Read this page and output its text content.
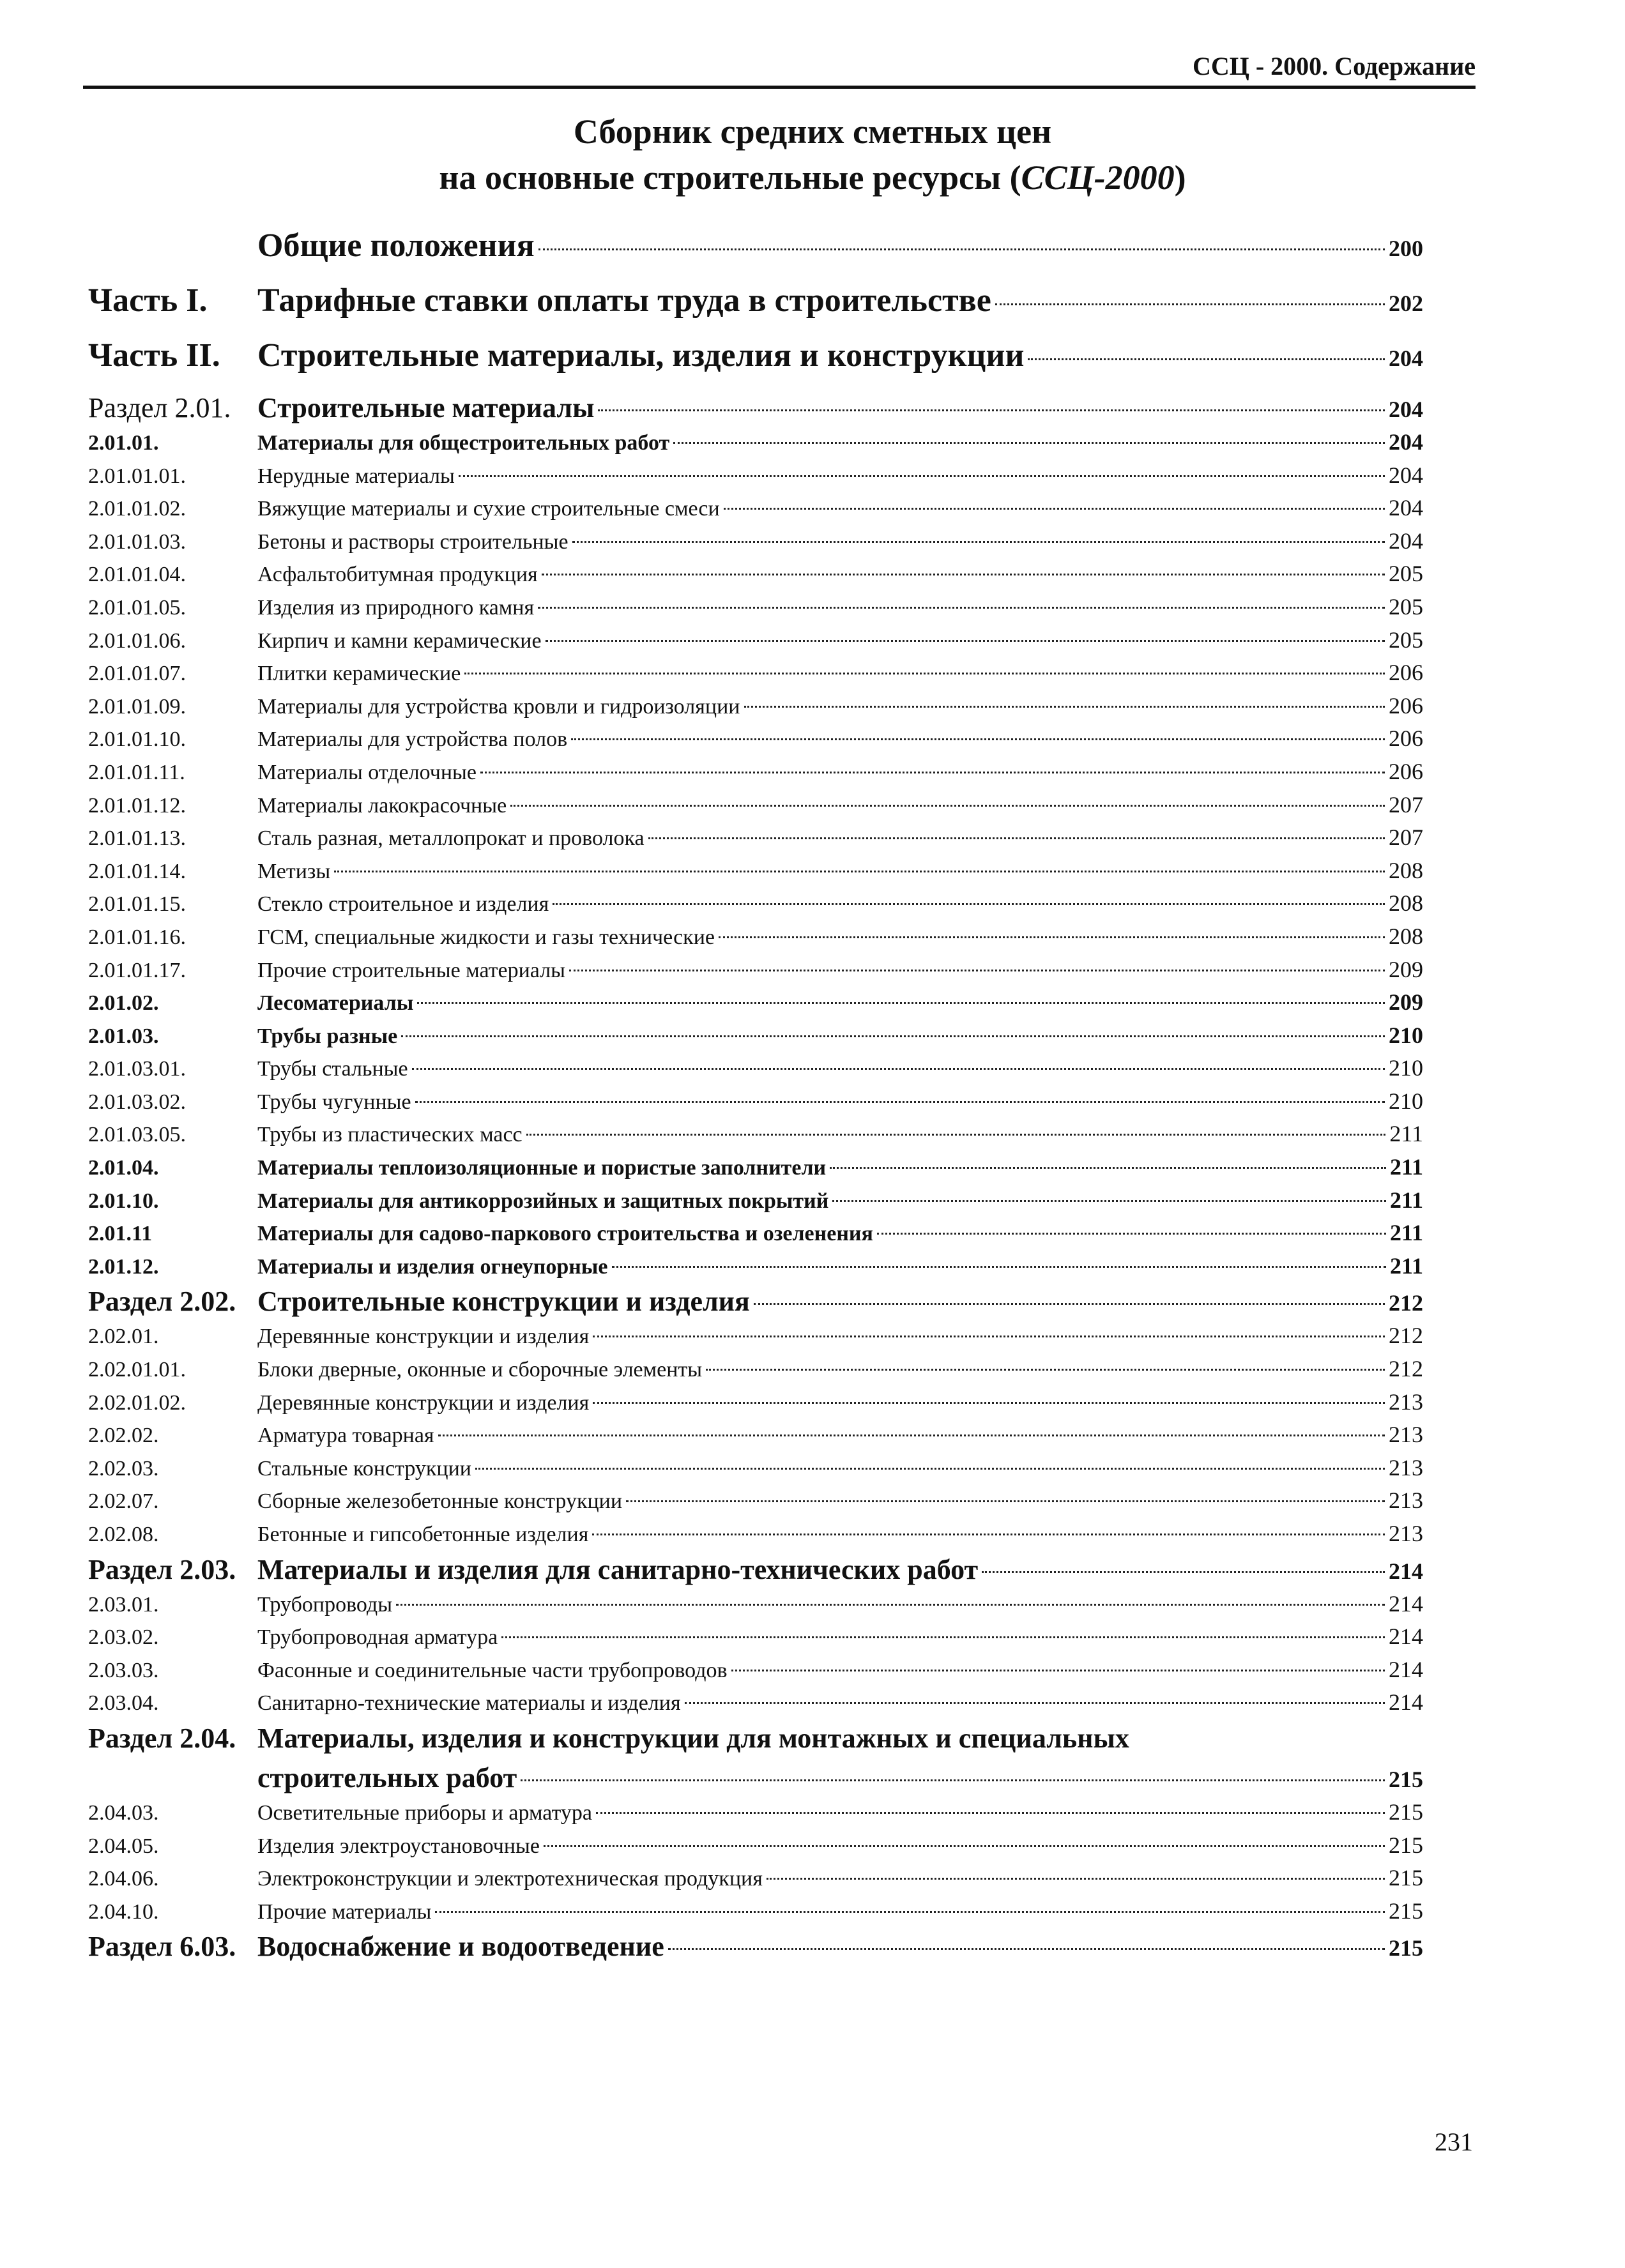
ССЦ - 2000. Содержание
Сборник средних сметных цен
на основные строительные ресурсы (ССЦ-2000)
Общие положения	200
Часть I.	Тарифные ставки оплаты труда в строительстве	202
Часть II.	Строительные материалы, изделия и конструкции	204
Раздел 2.01. Строительные материалы	204
2.01.01.	Материалы для общестроительных работ	204
2.01.01.01.	Нерудные материалы	204
2.01.01.02.	Вяжущие материалы и сухие строительные смеси	204
2.01.01.03.	Бетоны и растворы строительные	204
2.01.01.04.	Асфальтобитумная продукция	205
2.01.01.05.	Изделия из природного камня	205
2.01.01.06.	Кирпич и камни керамические	205
2.01.01.07.	Плитки керамические	206
2.01.01.09.	Материалы для устройства кровли и гидроизоляции	206
2.01.01.10.	Материалы для устройства полов	206
2.01.01.11.	Материалы отделочные	206
2.01.01.12.	Материалы лакокрасочные	207
2.01.01.13.	Сталь разная, металлопрокат и проволока	207
2.01.01.14.	Метизы	208
2.01.01.15.	Стекло строительное и изделия	208
2.01.01.16.	ГСМ, специальные жидкости и газы технические	208
2.01.01.17.	Прочие строительные материалы	209
2.01.02.	Лесоматериалы	209
2.01.03.	Трубы разные	210
2.01.03.01.	Трубы стальные	210
2.01.03.02.	Трубы чугунные	210
2.01.03.05.	Трубы из пластических масс	211
2.01.04.	Материалы теплоизоляционные и пористые заполнители	211
2.01.10.	Материалы для антикоррозийных и защитных покрытий	211
2.01.11	Материалы для садово-паркового строительства и озеленения	211
2.01.12.	Материалы и изделия огнеупорные	211
Раздел 2.02. Строительные конструкции и изделия	212
2.02.01.	Деревянные конструкции и изделия	212
2.02.01.01.	Блоки дверные, оконные и сборочные элементы	212
2.02.01.02.	Деревянные конструкции и изделия	213
2.02.02.	Арматура товарная	213
2.02.03.	Стальные конструкции	213
2.02.07.	Сборные железобетонные конструкции	213
2.02.08.	Бетонные и гипсобетонные изделия	213
Раздел 2.03. Материалы и изделия для санитарно-технических работ	214
2.03.01.	Трубопроводы	214
2.03.02.	Трубопроводная арматура	214
2.03.03.	Фасонные и соединительные части трубопроводов	214
2.03.04.	Санитарно-технические материалы и изделия	214
Раздел 2.04. Материалы, изделия и конструкции для монтажных и специальных
строительных работ	215
2.04.03.	Осветительные приборы и арматура	215
2.04.05.	Изделия электроустановочные	215
2.04.06.	Электроконструкции и электротехническая продукция	215
2.04.10.	Прочие материалы	215
Раздел 6.03. Водоснабжение и водоотведение	215
231
